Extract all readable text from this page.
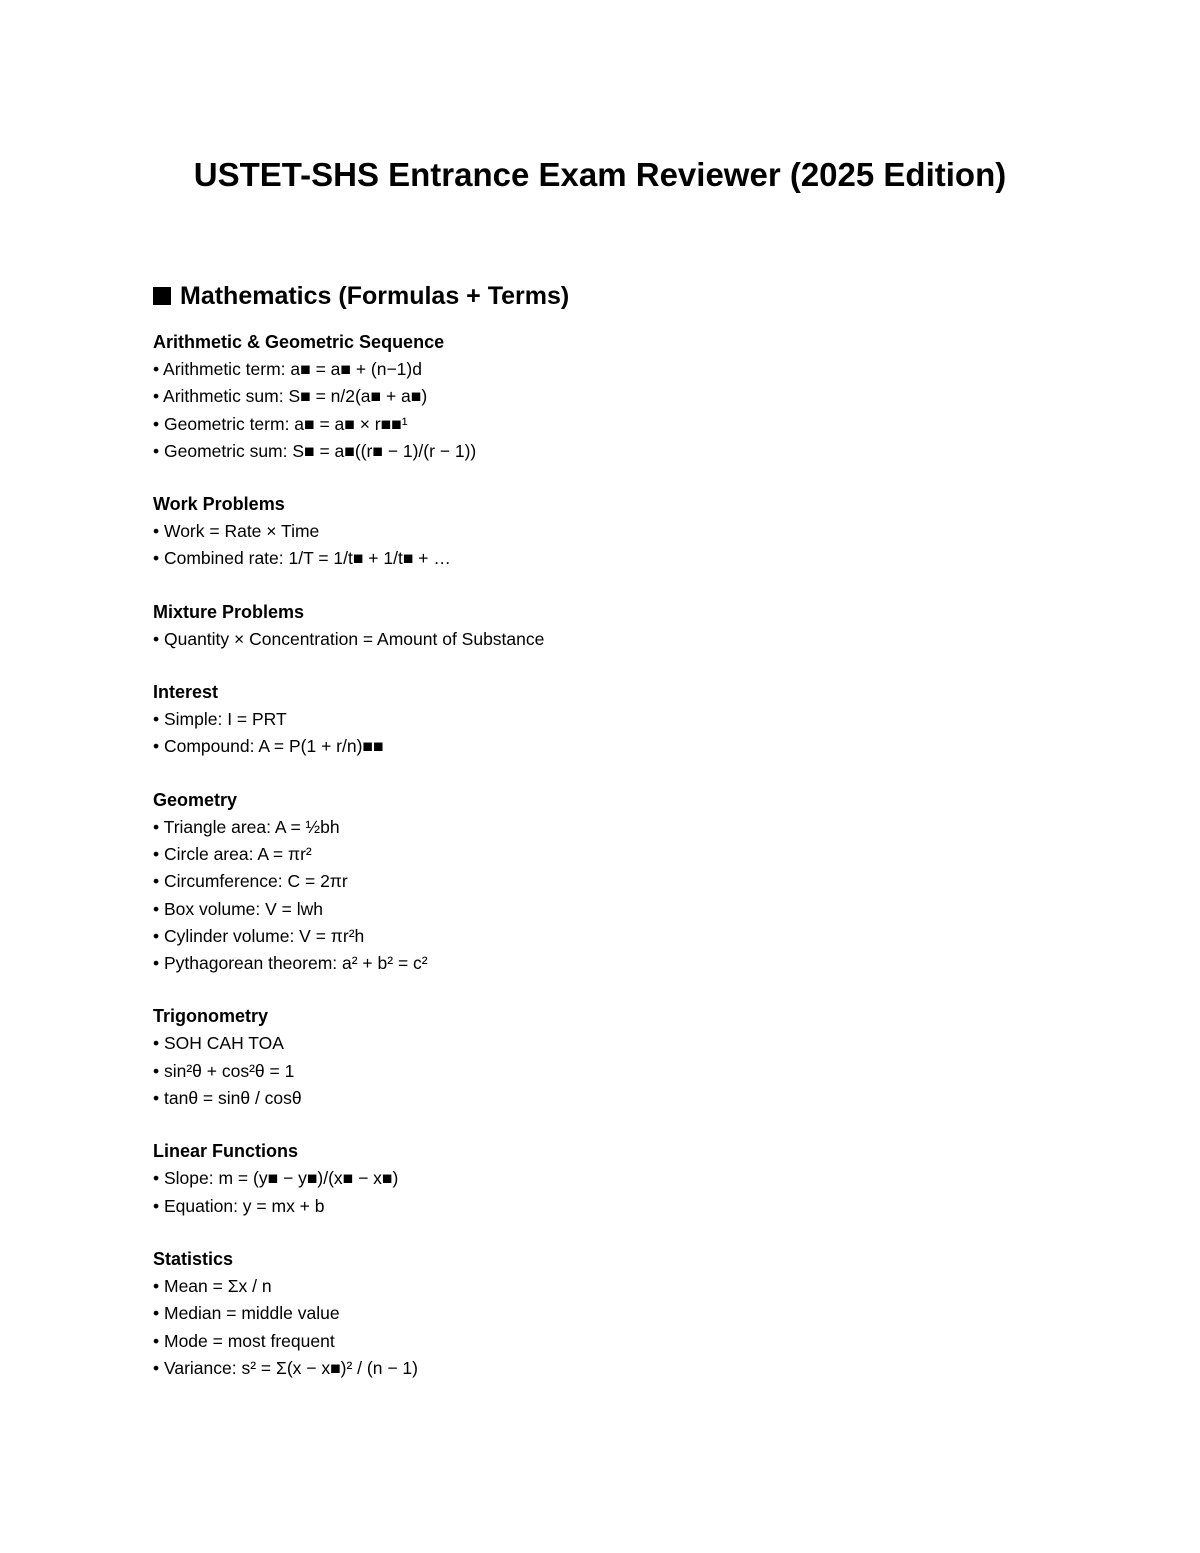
USTET-SHS Entrance Exam Reviewer (2025 Edition)
Mathematics (Formulas + Terms)
Arithmetic & Geometric Sequence
• Arithmetic term: a■ = a■ + (n−1)d
• Arithmetic sum: S■ = n/2(a■ + a■)
• Geometric term: a■ = a■ × r■■¹
• Geometric sum: S■ = a■((r■ − 1)/(r − 1))
Work Problems
• Work = Rate × Time
• Combined rate: 1/T = 1/t■ + 1/t■ + …
Mixture Problems
• Quantity × Concentration = Amount of Substance
Interest
• Simple: I = PRT
• Compound: A = P(1 + r/n)■■
Geometry
• Triangle area: A = ½bh
• Circle area: A = πr²
• Circumference: C = 2πr
• Box volume: V = lwh
• Cylinder volume: V = πr²h
• Pythagorean theorem: a² + b² = c²
Trigonometry
• SOH CAH TOA
• sin²θ + cos²θ = 1
• tanθ = sinθ / cosθ
Linear Functions
• Slope: m = (y■ − y■)/(x■ − x■)
• Equation: y = mx + b
Statistics
• Mean = Σx / n
• Median = middle value
• Mode = most frequent
• Variance: s² = Σ(x − x■)² / (n − 1)
